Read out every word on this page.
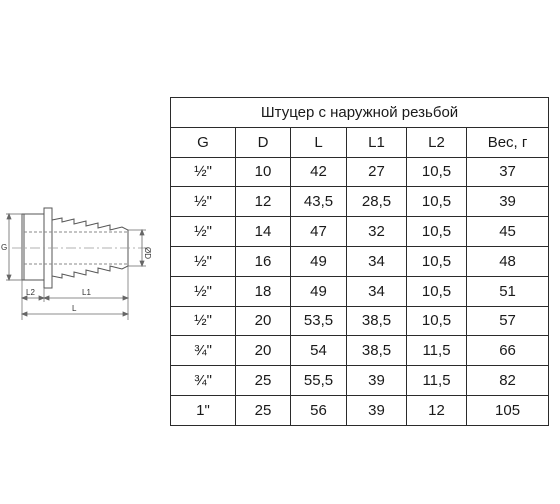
G	ØD
L2	L1
L
Штуцер с наружной резьбой					
G	D	L	L1	L2	Вес, г
½"	10	42	27	10,5	37
½"	12	43,5	28,5	10,5	39
½"	14	47	32	10,5	45
½"	16	49	34	10,5	48
½"	18	49	34	10,5	51
½"	20	53,5	38,5	10,5	57
¾"	20	54	38,5	11,5	66
¾"	25	55,5	39	11,5	82
1"	25	56	39	12	105
